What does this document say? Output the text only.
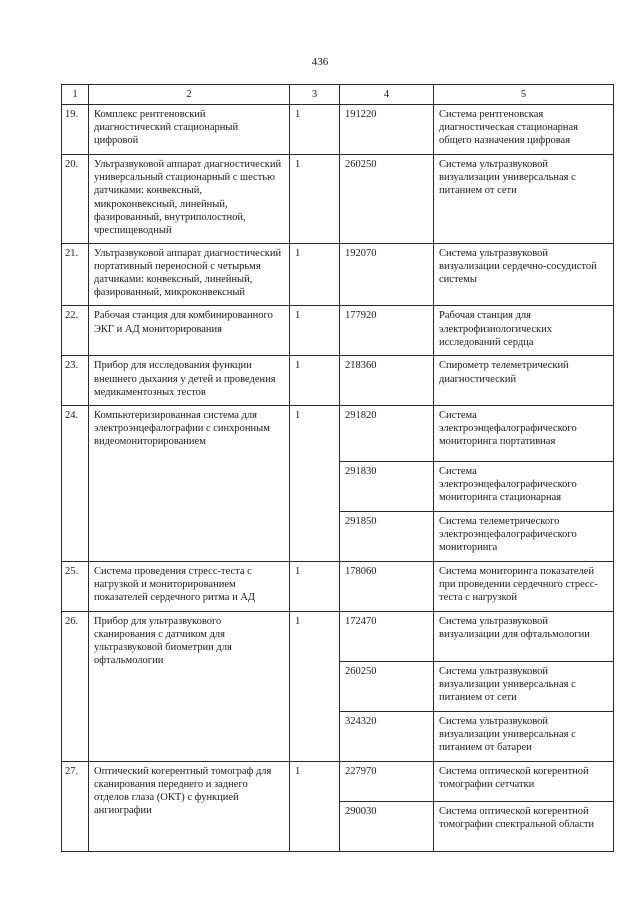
436
1	2	3	4	5
19.	Комплекс рентгеновский диагностический стационарный цифровой	1	191220	Система рентгеновская диагностическая стационарная общего назначения цифровая
20.	Ультразвуковой аппарат диагностический универсальный стационарный с шестью датчиками: конвексный, микроконвексный, линейный, фазированный, внутриполостной, чреспищеводный	1	260250	Система ультразвуковой визуализации универсальная с питанием от сети
21.	Ультразвуковой аппарат диагностический портативный переносной с четырьмя датчиками: конвексный, линейный, фазированный, микроконвексный	1	192070	Система ультразвуковой визуализации сердечно-сосудистой системы
22.	Рабочая станция для комбинированного ЭКГ и АД мониторирования	1	177920	Рабочая станция для электрофизиологических исследований сердца
23.	Прибор для исследования функции внешнего дыхания у детей и проведения медикаментозных тестов	1	218360	Спирометр телеметрический диагностический
24.	Компьютеризированная система для электроэнцефалографии с синхронным видеомониторированием	1	291820	Система электроэнцефалографического мониторинга портативная
			291830	Система электроэнцефалографического мониторинга стационарная
			291850	Система телеметрического электроэнцефалографического мониторинга
25.	Система проведения стресс-теста с нагрузкой и мониторированием показателей сердечного ритма и АД	1	178060	Система мониторинга показателей при проведении сердечного стресс-теста с нагрузкой
26.	Прибор для ультразвукового сканирования с датчиком для ультразвуковой биометрии для офтальмологии	1	172470	Система ультразвуковой визуализации для офтальмологии
			260250	Система ультразвуковой визуализации универсальная с питанием от сети
			324320	Система ультразвуковой визуализации универсальная с питанием от батареи
27.	Оптический когерентный томограф для сканирования переднего и заднего отделов глаза (ОКТ) с функцией ангиографии	1	227970	Система оптической когерентной томографии сетчатки
			290030	Система оптической когерентной томографии спектральной области
